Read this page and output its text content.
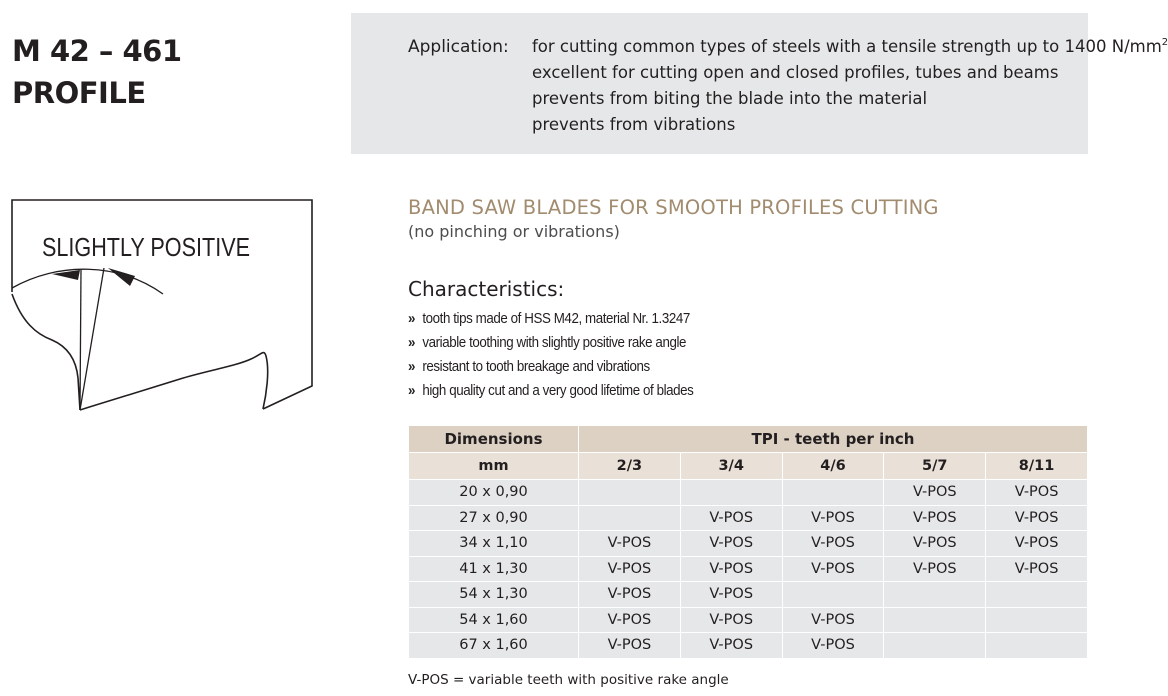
M 42 – 461
PROFILE
Application: for cutting common types of steels with a tensile strength up to 1400 $N/mm^2$
excellent for cutting open and closed profiles, tubes and beams
prevents from biting the blade into the material
prevents from vibrations
SLIGHTLY POSITIVE
BAND SAW BLADES FOR SMOOTH PROFILES CUTTING
(no pinching or vibrations)
Characteristics:
» tooth tips made of HSS M42, material Nr. 1.3247
» variable toothing with slightly positive rake angle
» resistant to tooth breakage and vibrations
» high quality cut and a very good lifetime of blades
Dimensions	TPI - teeth per inch				
mm	2/3	3/4	4/6	5/7	8/11
20 x 0,90				V-POS	V-POS
27 x 0,90		V-POS	V-POS	V-POS	V-POS
34 x 1,10	V-POS	V-POS	V-POS	V-POS	V-POS
41 x 1,30	V-POS	V-POS	V-POS	V-POS	V-POS
54 x 1,30	V-POS	V-POS			
54 x 1,60	V-POS	V-POS	V-POS		
67 x 1,60	V-POS	V-POS	V-POS		
V-POS = variable teeth with positive rake angle
